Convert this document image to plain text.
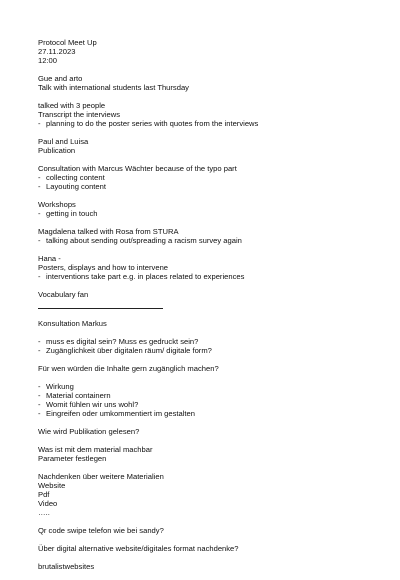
Protocol Meet Up
27.11.2023
12:00
Gue and arto
Talk with international students last Thursday
talked with 3 people
Transcript the interviews
- planning to do the poster series with quotes from the interviews
Paul and Luisa
Publication
Consultation with Marcus Wächter because of the typo part
- collecting content
- Layouting content
Workshops
- getting in touch
Magdalena talked with Rosa from STURA
- talking about sending out/spreading a racism survey again
Hana -
Posters, displays and how to intervene
- interventions take part e.g. in places related to experiences
Vocabulary fan
Konsultation Markus
- muss es digital sein? Muss es gedruckt sein?
- Zugänglichkeit über digitalen räum/ digitale form?
Für wen würden die Inhalte gern zugänglich machen?
- Wirkung
- Material containern
- Womit fühlen wir uns wohl?
- Eingreifen oder umkommentiert im gestalten
Wie wird Publikation gelesen?
Was ist mit dem material machbar
Parameter festlegen
Nachdenken über weitere Materialien
Website
Pdf
Video
…..
Qr code swipe telefon wie bei sandy?
Über digital alternative website/digitales format nachdenke?
brutalistwebsites
